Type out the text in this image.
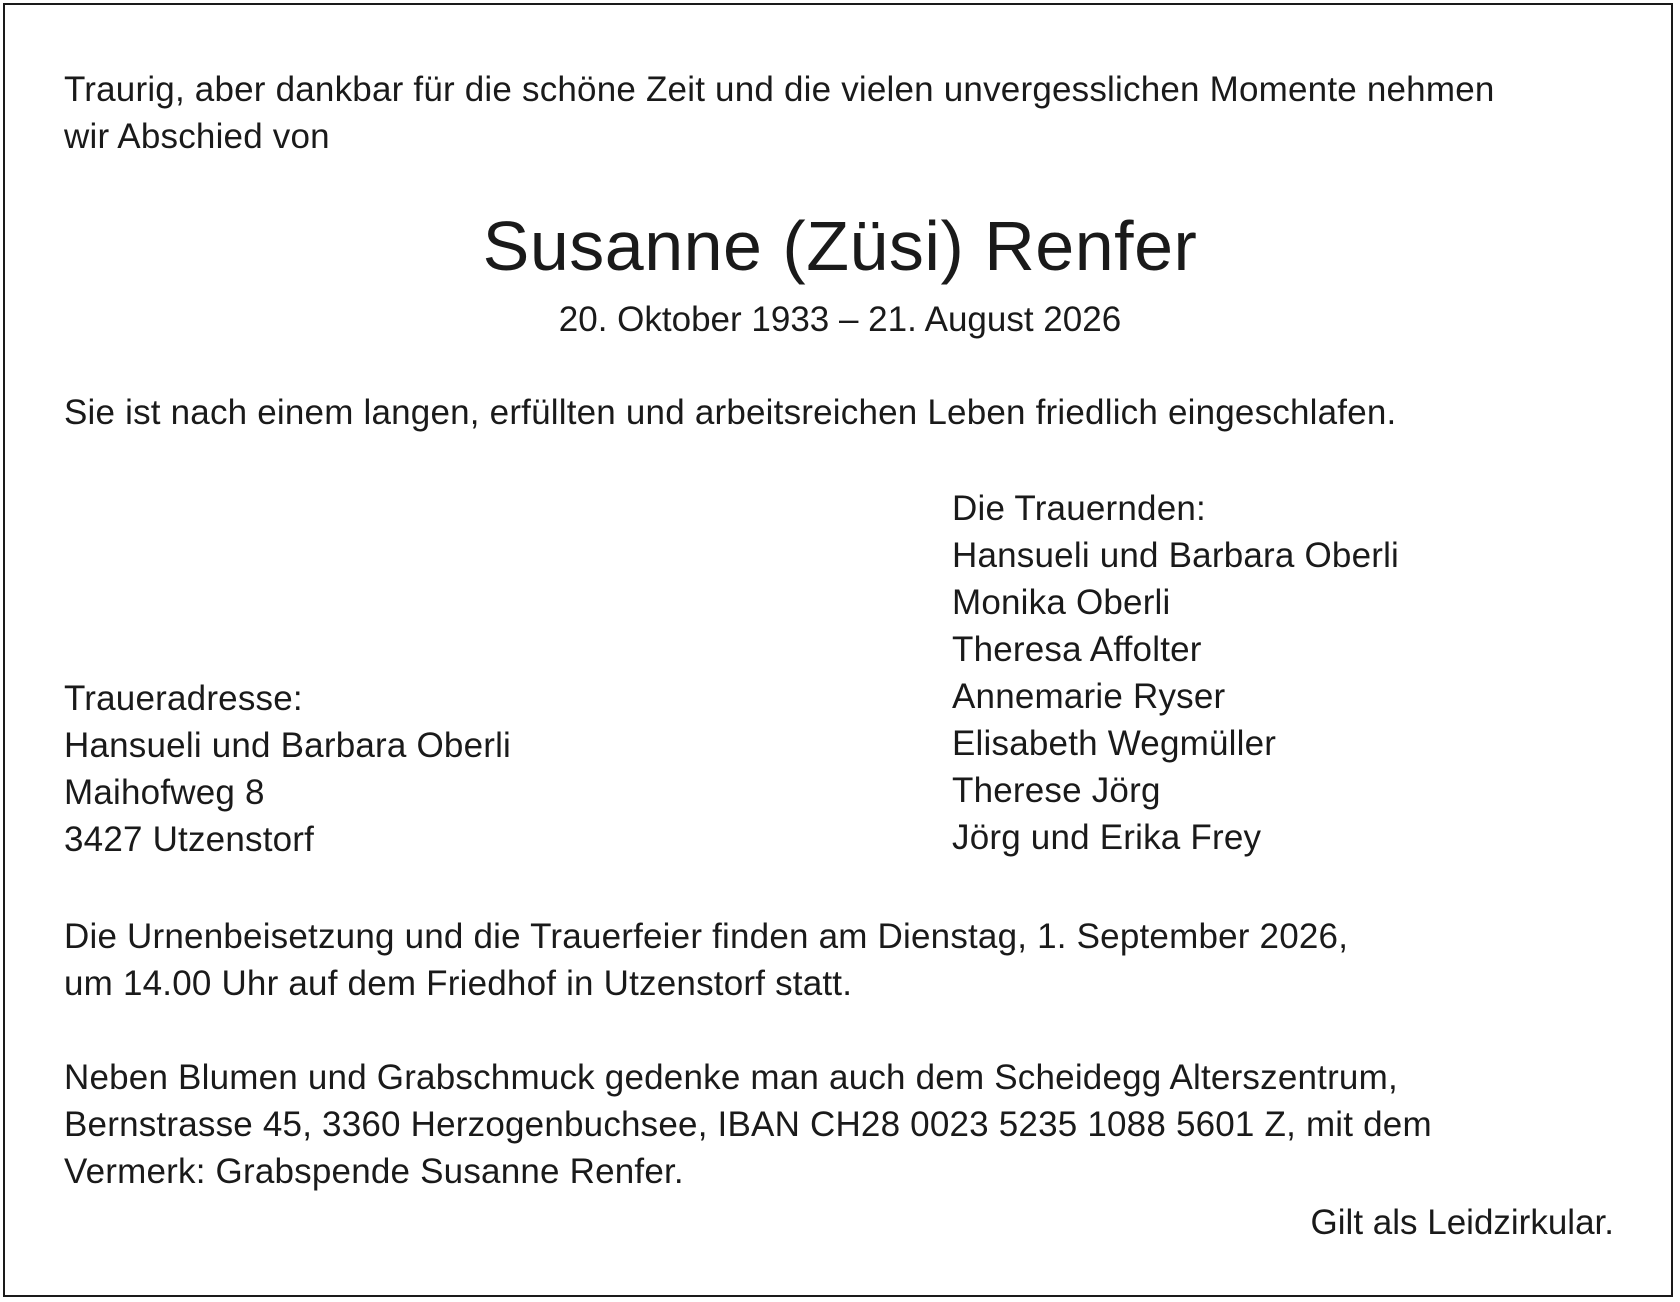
Traurig, aber dankbar für die schöne Zeit und die vielen unvergesslichen Momente nehmen
wir Abschied von
Susanne (Züsi) Renfer
20. Oktober 1933 – 21. August 2026
Sie ist nach einem langen, erfüllten und arbeitsreichen Leben friedlich eingeschlafen.
Die Trauernden:
Hansueli und Barbara Oberli
Monika Oberli
Theresa Affolter
Annemarie Ryser
Elisabeth Wegmüller
Therese Jörg
Jörg und Erika Frey
Traueradresse:
Hansueli und Barbara Oberli
Maihofweg 8
3427 Utzenstorf
Die Urnenbeisetzung und die Trauerfeier finden am Dienstag, 1. September 2026,
um 14.00 Uhr auf dem Friedhof in Utzenstorf statt.
Neben Blumen und Grabschmuck gedenke man auch dem Scheidegg Alterszentrum,
Bernstrasse 45, 3360 Herzogenbuchsee, IBAN CH28 0023 5235 1088 5601 Z, mit dem
Vermerk: Grabspende Susanne Renfer.
Gilt als Leidzirkular.
